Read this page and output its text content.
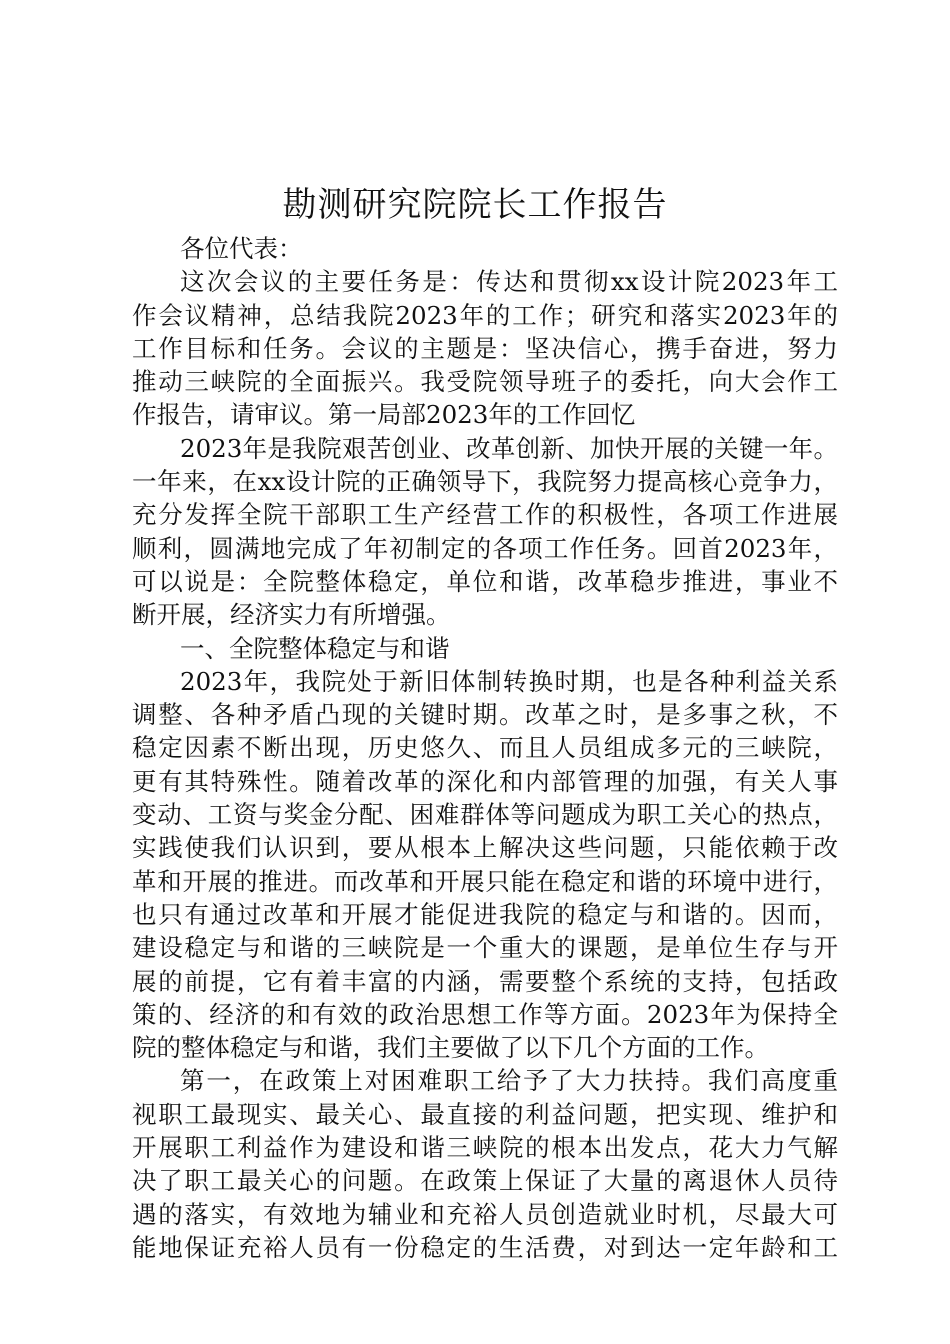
勘测研究院院长工作报告
各位代表：
这次会议的主要任务是：传达和贯彻xx设计院2023年工
作会议精神，总结我院2023年的工作；研究和落实2023年的
工作目标和任务。会议的主题是：坚决信心，携手奋进，努力
推动三峡院的全面振兴。我受院领导班子的委托，向大会作工
作报告，请审议。第一局部2023年的工作回忆
2023年是我院艰苦创业、改革创新、加快开展的关键一年。
一年来，在xx设计院的正确领导下，我院努力提高核心竞争力，
充分发挥全院干部职工生产经营工作的积极性，各项工作进展
顺利，圆满地完成了年初制定的各项工作任务。回首2023年，
可以说是：全院整体稳定，单位和谐，改革稳步推进，事业不
断开展，经济实力有所增强。
一、全院整体稳定与和谐
2023年，我院处于新旧体制转换时期，也是各种利益关系
调整、各种矛盾凸现的关键时期。改革之时，是多事之秋，不
稳定因素不断出现，历史悠久、而且人员组成多元的三峡院，
更有其特殊性。随着改革的深化和内部管理的加强，有关人事
变动、工资与奖金分配、困难群体等问题成为职工关心的热点，
实践使我们认识到，要从根本上解决这些问题，只能依赖于改
革和开展的推进。而改革和开展只能在稳定和谐的环境中进行，
也只有通过改革和开展才能促进我院的稳定与和谐的。因而，
建设稳定与和谐的三峡院是一个重大的课题，是单位生存与开
展的前提，它有着丰富的内涵，需要整个系统的支持，包括政
策的、经济的和有效的政治思想工作等方面。2023年为保持全
院的整体稳定与和谐，我们主要做了以下几个方面的工作。
第一，在政策上对困难职工给予了大力扶持。我们高度重
视职工最现实、最关心、最直接的利益问题，把实现、维护和
开展职工利益作为建设和谐三峡院的根本出发点，花大力气解
决了职工最关心的问题。在政策上保证了大量的离退休人员待
遇的落实，有效地为辅业和充裕人员创造就业时机，尽最大可
能地保证充裕人员有一份稳定的生活费，对到达一定年龄和工
